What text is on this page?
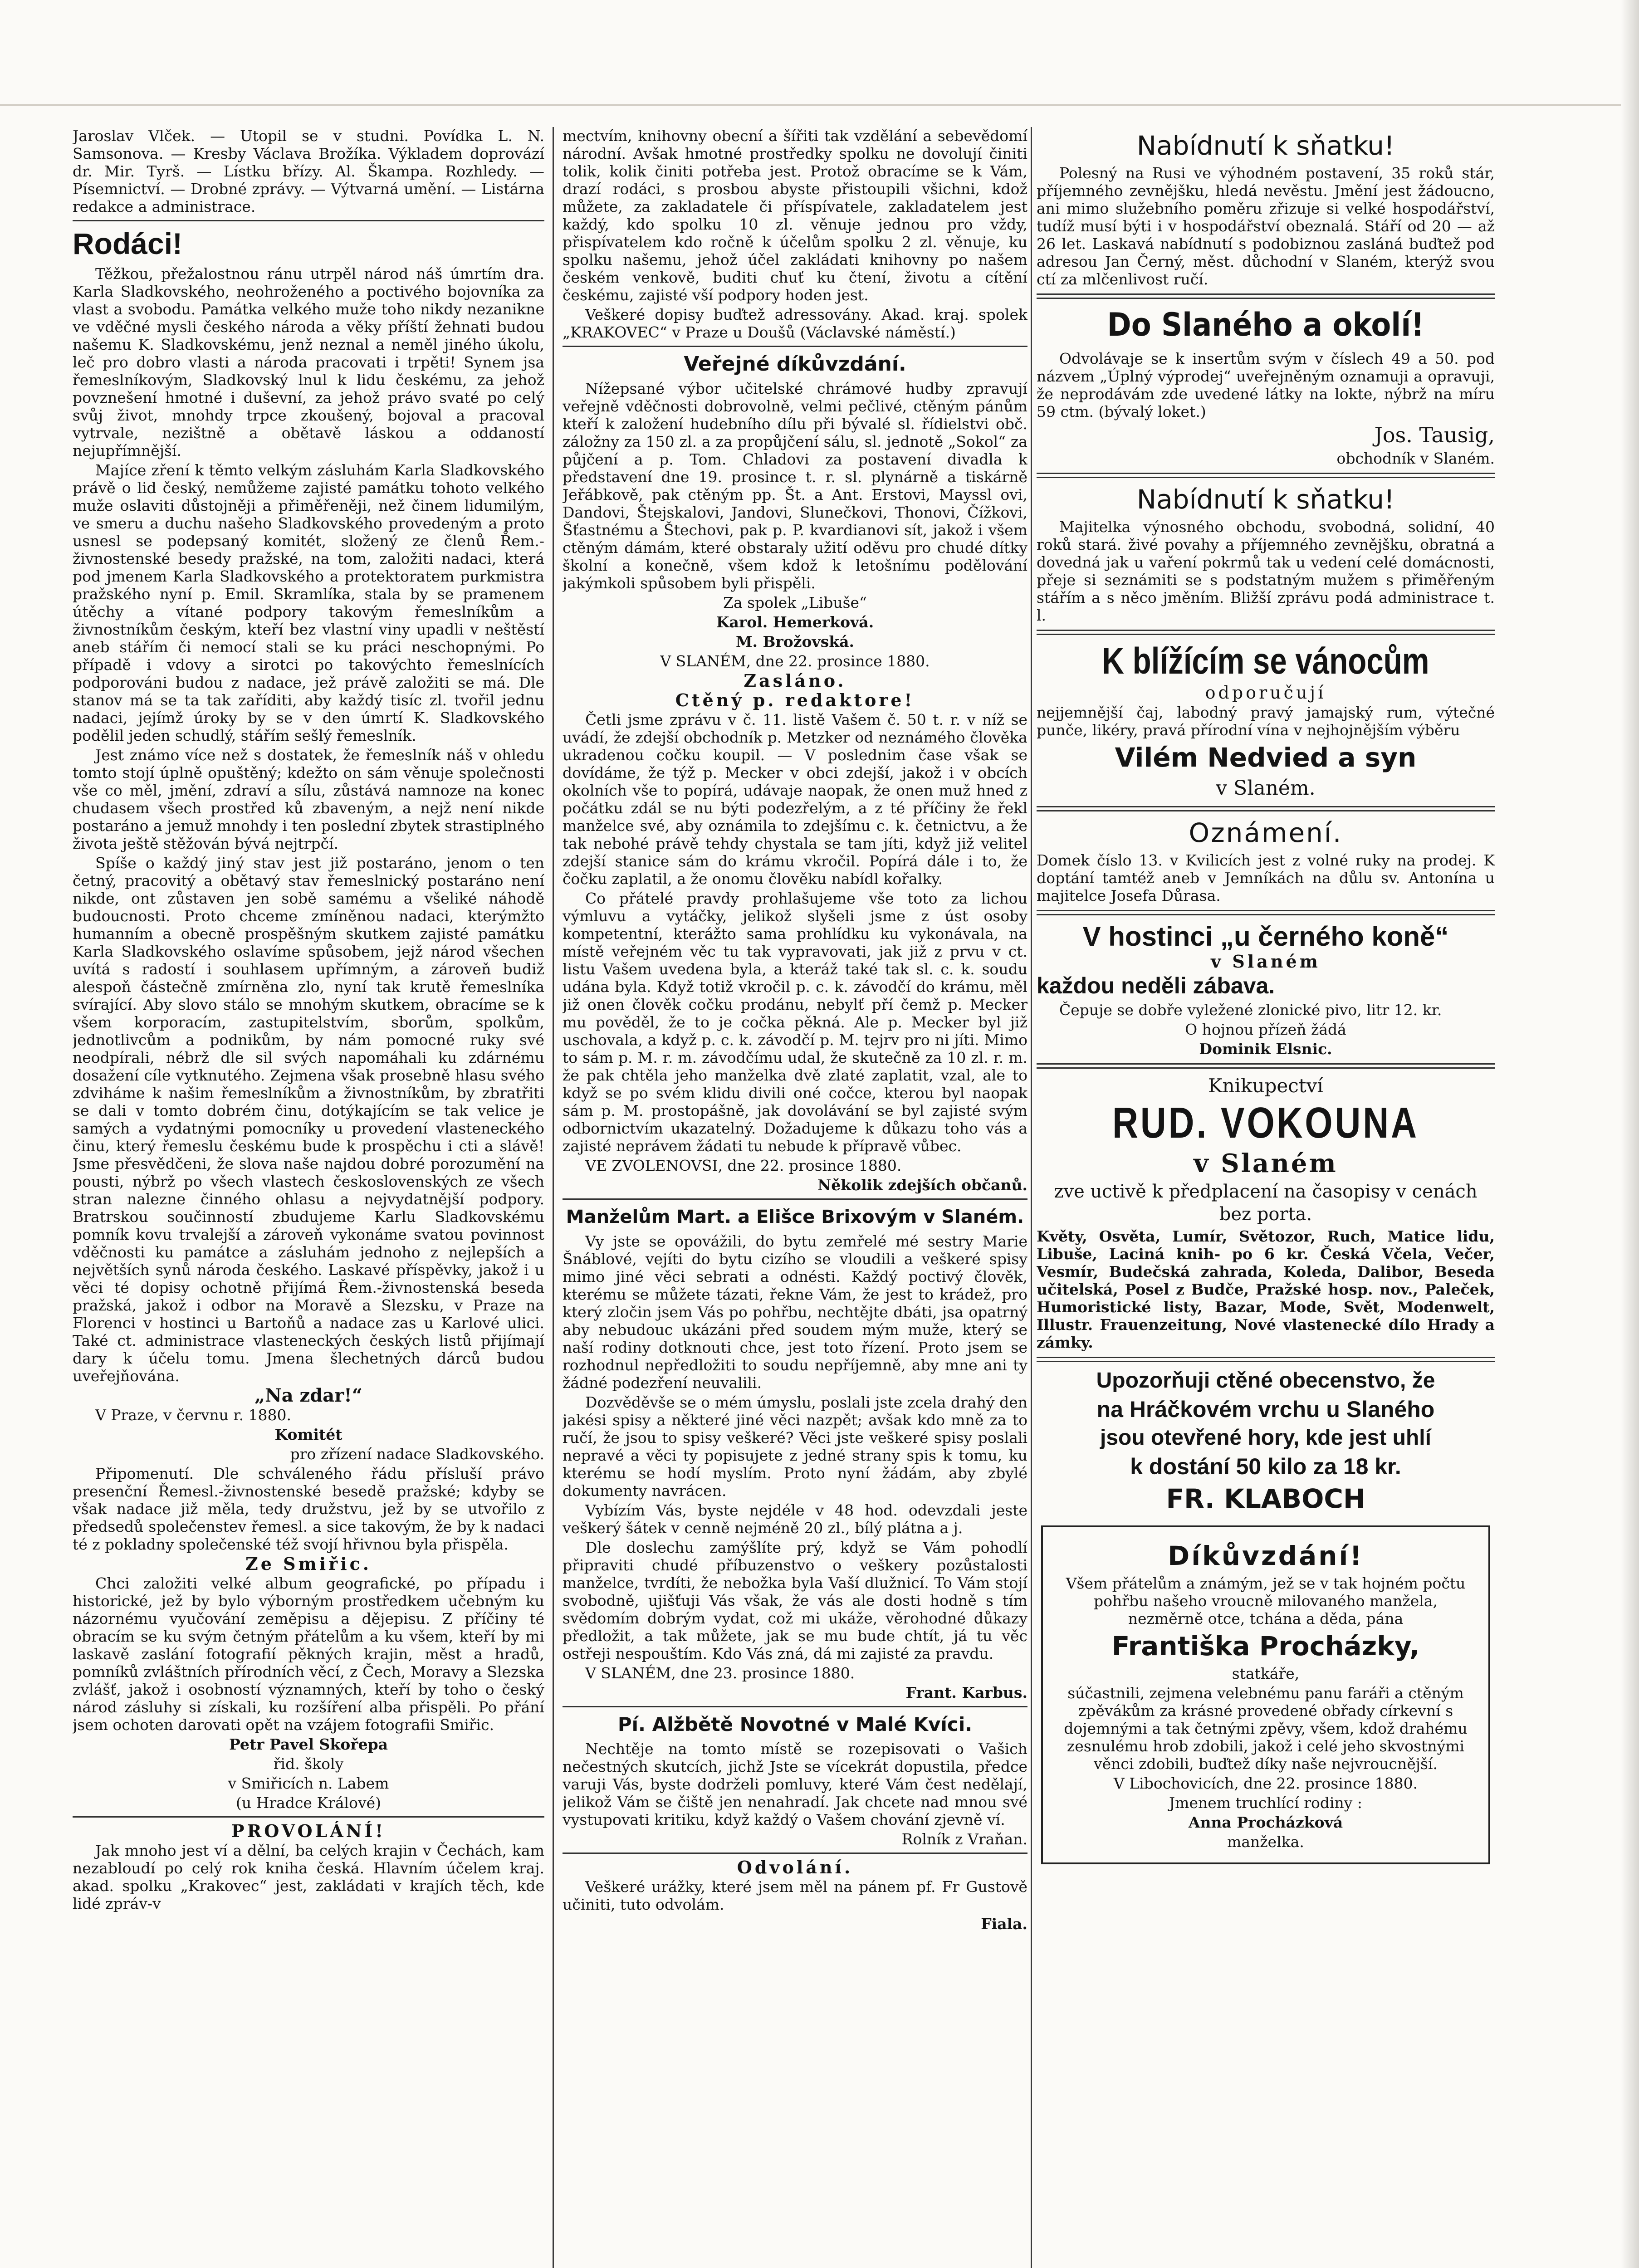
Jaroslav Vlček. — Utopil se v studni. Povídka L. N. Samsonova. — Kresby Václava Brožíka. Výkladem doprovází dr. Mir. Tyrš. — Lístku břízy. Al. Škampa. Rozhledy. — Písemnictví. — Drobné zprávy. — Výtvarná umění. — Listárna redakce a administrace.

Rodáci!

Těžkou, přežalostnou ránu utrpěl národ náš úmrtím dra. Karla Sladkovského, neohroženého a poctivého bojovníka za vlast a svobodu. Památka velkého muže toho nikdy nezanikne ve vděčné mysli českého národa a věky příští žehnati budou našemu K. Sladkovskému, jenž neznal a neměl jiného úkolu, leč pro dobro vlasti a národa pracovati i trpěti! Synem jsa řemeslníkovým, Sladkovský lnul k lidu českému, za jehož povznešení hmotné i duševní, za jehož právo svaté po celý svůj život, mnohdy trpce zkoušený, bojoval a pracoval vytrvale, nezištně a obětavě láskou a oddaností nejupřímnější.

Majíce zření k těmto velkým zásluhám Karla Sladkovského právě o lid český, nemůžeme zajisté památku tohoto velkého muže oslaviti důstojněji a přiměřeněji, než činem lidumilým, ve smeru a duchu našeho Sladkovského provedeným a proto usnesl se podepsaný komitét, složený ze členů Řem.-živnostenské besedy pražské, na tom, založiti nadaci, která pod jmenem Karla Sladkovského a protektoratem purkmistra pražského nyní p. Emil. Skramlíka, stala by se pramenem útěchy a vítané podpory takovým řemeslníkům a živnostníkům českým, kteří bez vlastní viny upadli v neštěstí aneb stářím či nemocí stali se ku práci neschopnými. Po případě i vdovy a sirotci po takovýchto řemeslnících podporováni budou z nadace, jež právě založiti se má. Dle stanov má se ta tak zaříditi, aby každý tisíc zl. tvořil jednu nadaci, jejímž úroky by se v den úmrtí K. Sladkovského podělil jeden schudlý, stářím sešlý řemeslník.

Jest známo více než s dostatek, že řemeslník náš v ohledu tomto stojí úplně opuštěný; kdežto on sám věnuje společnosti vše co měl, jmění, zdraví a sílu, zůstává namnoze na konec chudasem všech prostřed ků zbaveným, a nejž není nikde postaráno a jemuž mnohdy i ten poslední zbytek strastiplného života ještě stěžován bývá nejtrpčí.

Spíše o každý jiný stav jest již postaráno, jenom o ten četný, pracovitý a obětavý stav řemeslnický postaráno není nikde, ont zůstaven jen sobě samému a všeliké náhodě budoucnosti. Proto chceme zmíněnou nadaci, kterýmžto humanním a obecně prospěšným skutkem zajisté památku Karla Sladkovského oslavíme spůsobem, jejž národ všechen uvítá s radostí i souhlasem upřímným, a zároveň budiž alespoň částečně zmírněna zlo, nyní tak krutě řemeslníka svírající. Aby slovo stálo se mnohým skutkem, obracíme se k všem korporacím, zastupitelstvím, sborům, spolkům, jednotlivcům a podnikům, by nám pomocné ruky své neodpírali, nébrž dle sil svých napomáhali ku zdárnému dosažení cíle vytknutého. Zejmena však prosebně hlasu svého zdviháme k našim řemeslníkům a živnostníkům, by zbratřiti se dali v tomto dobrém činu, dotýkajícím se tak velice je samých a vydatnými pomocníky u provedení vlasteneckého činu, který řemeslu českému bude k prospěchu i cti a slávě! Jsme přesvědčeni, že slova naše najdou dobré porozumění na pousti, nýbrž po všech vlastech československých ze všech stran nalezne činného ohlasu a nejvydatnější podpory. Bratrskou součinností zbudujeme Karlu Sladkovskému pomník kovu trvalejší a zároveň vykonáme svatou povinnost vděčnosti ku památce a zásluhám jednoho z nejlepších a největších synů národa českého. Laskavé příspěvky, jakož i u věci té dopisy ochotně přijímá Řem.-živnostenská beseda pražská, jakož i odbor na Moravě a Slezsku, v Praze na Florenci v hostinci u Bartoňů a nadace zas u Karlové ulici. Také ct. administrace vlasteneckých českých listů přijímají dary k účelu tomu. Jmena šlechetných dárců budou uveřejňována.

„Na zdar!“

V Praze, v červnu r. 1880.

Komitét

pro zřízení nadace Sladkovského.

Připomenutí. Dle schváleného řádu přísluší právo presenční Řemesl.-živnostenské besedě pražské; kdyby se však nadace již měla, tedy družstvu, jež by se utvořilo z předsedů společenstev řemesl. a sice takovým, že by k nadaci té z pokladny společenské též svojí hřivnou byla přispěla.

Ze Smiřic.

Chci založiti velké album geografické, po případu i historické, jež by bylo výborným prostředkem učebným ku názornému vyučování zeměpisu a dějepisu. Z příčiny té obracím se ku svým četným přátelům a ku všem, kteří by mi laskavě zaslání fotografií pěkných krajin, měst a hradů, pomníků zvláštních přírodních věcí, z Čech, Moravy a Slezska zvlášť, jakož i osobností významných, kteří by toho o český národ zásluhy si získali, ku rozšíření alba přispěli. Po přání jsem ochoten darovati opět na vzájem fotografii Smiřic.

Petr Pavel Skořepa

řid. školy

v Smiřicích n. Labem

(u Hradce Králové)

PROVOLÁNÍ!

Jak mnoho jest ví a dělní, ba celých krajin v Čechách, kam nezabloudí po celý rok kniha česká. Hlavním účelem kraj. akad. spolku „Krakovec“ jest, zakládati v krajích těch, kde lidé zpráv-v

mectvím, knihovny obecní a šířiti tak vzdělání a sebevědomí národní. Avšak hmotné prostředky spolku ne dovolují činiti tolik, kolik činiti potřeba jest. Protož obracíme se k Vám, drazí rodáci, s prosbou abyste přistoupili všichni, kdož můžete, za zakladatele či příspívatele, zakladatelem jest každý, kdo spolku 10 zl. věnuje jednou pro vždy, přispívatelem kdo ročně k účelům spolku 2 zl. věnuje, ku spolku našemu, jehož účel zakládati knihovny po našem českém venkově, buditi chuť ku čtení, životu a cítění českému, zajisté vší podpory hoden jest.

Veškeré dopisy buďtež adressovány. Akad. kraj. spolek „KRAKOVEC“ v Praze u Doušů (Václavské náměstí.)

Veřejné díkůvzdání.

Nížepsané výbor učitelské chrámové hudby zpravují veřejně vděčnosti dobrovolně, velmi pečlivé, ctěným pánům kteří k založení hudebního dílu při bývalé sl. řídielstvi obč. záložny za 150 zl. a za propůjčení sálu, sl. jednotě „Sokol“ za půjčení a p. Tom. Chladovi za postavení divadla k představení dne 19. prosince t. r. sl. plynárně a tiskárně Jeřábkově, pak ctěným pp. Št. a Ant. Erstovi, Mayssl ovi, Dandovi, Štejskalovi, Jandovi, Slunečkovi, Thonovi, Čížkovi, Šťastnému a Štechovi, pak p. P. kvardianovi sít, jakož i všem ctěným dámám, které obstaraly užití oděvu pro chudé dítky školní a konečně, všem kdož k letošnímu podělování jakýmkoli spůsobem byli přispěli.

Za spolek „Libuše“

Karol. Hemerková.

M. Brožovská.

V SLANÉM, dne 22. prosince 1880.

Zasláno.

Ctěný p. redaktore!

Četli jsme zprávu v č. 11. listě Vašem č. 50 t. r. v níž se uvádí, že zdejší obchodník p. Metzker od neznámého člověka ukradenou cočku koupil. — V poslednim čase však se dovídáme, že týž p. Mecker v obci zdejší, jakož i v obcích okolních vše to popírá, udávaje naopak, že onen muž hned z počátku zdál se nu býti podezřelým, a z té příčiny že řekl manželce své, aby oznámila to zdejšímu c. k. četnictvu, a že tak nebohé právě tehdy chystala se tam jíti, když již velitel zdejší stanice sám do krámu vkročil. Popírá dále i to, že čočku zaplatil, a že onomu člověku nabídl kořalky.

Co přátelé pravdy prohlašujeme vše toto za lichou výmluvu a vytáčky, jelikož slyšeli jsme z úst osoby kompetentní, kterážto sama prohlídku ku vykonávala, na místě veřejném věc tu tak vypravovati, jak již z prvu v ct. listu Vašem uvedena byla, a kteráž také tak sl. c. k. soudu udána byla. Když totiž vkročil p. c. k. závodčí do krámu, měl již onen člověk cočku prodánu, nebylť pří čemž p. Mecker mu pověděl, že to je cočka pěkná. Ale p. Mecker byl již uschovala, a když p. c. k. závodčí p. M. tejrv pro ni jíti. Mimo to sám p. M. r. m. závodčímu udal, že skutečně za 10 zl. r. m. že pak chtěla jeho manželka dvě zlaté zaplatit, vzal, ale to když se po svém klidu divili oné cočce, kterou byl naopak sám p. M. prostopášně, jak dovolávání se byl zajisté svým odbornictvím ukazatelný. Dožadujeme k důkazu toho vás a zajisté neprávem žádati tu nebude k přípravě vůbec.

VE ZVOLENOVSI, dne 22. prosince 1880.

Několik zdejších občanů.

Manželům Mart. a Elišce Brixovým v Slaném.

Vy jste se opovážili, do bytu zemřelé mé sestry Marie Šnáblové, vejíti do bytu cizího se vloudili a veškeré spisy mimo jiné věci sebrati a odnésti. Každý poctivý člověk, kterému se můžete tázati, řekne Vám, že jest to krádež, pro který zločin jsem Vás po pohřbu, nechtějte dbáti, jsa opatrný aby nebudouc ukázáni před soudem mým muže, který se naší rodiny dotknouti chce, jest toto řízení. Proto jsem se rozhodnul nepředložiti to soudu nepříjemně, aby mne ani ty žádné podezření neuvalili.

Dozvěděvše se o mém úmyslu, poslali jste zcela drahý den jakési spisy a některé jiné věci nazpět; avšak kdo mně za to ručí, že jsou to spisy veškeré? Věci jste veškeré spisy poslali nepravé a věci ty popisujete z jedné strany spis k tomu, ku kterému se hodí myslím. Proto nyní žádám, aby zbylé dokumenty navrácen.

Vybízím Vás, byste nejdéle v 48 hod. odevzdali jeste veškerý šátek v cenně nejméně 20 zl., bílý plátna a j.

Dle doslechu zamýšlíte prý, když se Vám pohodlí připraviti chudé příbuzenstvo o veškery pozůstalosti manželce, tvrdíti, že nebožka byla Vaší dlužnicí. To Vám stojí svobodně, ujišťuji Vás však, že vás ale dosti hodně s tím svědomím dobrým vydat, což mi ukáže, věrohodné důkazy předložit, a tak můžete, jak se mu bude chtít, já tu věc ostřeji nespouštím. Kdo Vás zná, dá mi zajisté za pravdu.

V SLANÉM, dne 23. prosince 1880.

Frant. Karbus.

Pí. Alžbětě Novotné v Malé Kvíci.

Nechtěje na tomto místě se rozepisovati o Vašich nečestných skutcích, jichž Jste se vícekrát dopustila, předce varuji Vás, byste dodrželi pomluvy, které Vám čest nedělají, jelikož Vám se čiště jen nenahradí. Jak chcete nad mnou své vystupovati kritiku, když každý o Vašem chování zjevně ví.

Rolník z Vraňan.

Odvolání.

Veškeré urážky, které jsem měl na pánem pf. Fr Gustově učiniti, tuto odvolám.

Fiala.

Nabídnutí k sňatku!

Polesný na Rusi ve výhodném postavení, 35 roků stár, příjemného zevnějšku, hledá nevěstu. Jmění jest žádoucno, ani mimo služebního poměru zřizuje si velké hospodářství, tudíž musí býti i v hospodářství obeznalá. Stáří od 20 — až 26 let. Laskavá nabídnutí s podobiznou zasláná buďtež pod adresou Jan Černý, měst. důchodní v Slaném, kterýž svou ctí za mlčenlivost ručí.

Do Slaného a okolí!

Odvolávaje se k insertům svým v číslech 49 a 50. pod názvem „Úplný výprodej“ uveřejněným oznamuji a opravuji, že neprodávám zde uvedené látky na lokte, nýbrž na míru 59 ctm. (bývalý loket.)

Jos. Tausig,

obchodník v Slaném.

Nabídnutí k sňatku!

Majitelka výnosného obchodu, svobodná, solidní, 40 roků stará. živé povahy a příjemného zevnějšku, obratná a dovedná jak u vaření pokrmů tak u vedení celé domácnosti, přeje si seznámiti se s podstatným mužem s přiměřeným stářím a s něco jměním. Bližší zprávu podá administrace t. l.

K blížícím se vánocům

odporučují

nejjemnější čaj, labodný pravý jamajský rum, výtečné punče, likéry, pravá přírodní vína v nejhojnějším výběru

Vilém Nedvied a syn

v Slaném.

Oznámení.

Domek číslo 13. v Kvilicích jest z volné ruky na prodej. K doptání tamtéž aneb v Jemníkách na důlu sv. Antonína u majitelce Josefa Důrasa.

V hostinci „u černého koně“

v Slaném

každou neděli zábava.

Čepuje se dobře vyležené zlonické pivo, litr 12. kr.

O hojnou přízeň žádá

Dominik Elsnic.

Knikupectví

RUD. VOKOUNA

v Slaném

zve uctivě k předplacení na časopisy v cenách bez porta.

Květy, Osvěta, Lumír, Světozor, Ruch, Matice lidu, Libuše, Laciná knih- po 6 kr. Česká Včela, Večer, Vesmír, Budečská zahrada, Koleda, Dalibor, Beseda učitelská, Posel z Budče, Pražské hosp. nov., Paleček, Humoristické listy, Bazar, Mode, Svět, Modenwelt, Illustr. Frauenzeitung, Nové vlastenecké dílo Hrady a zámky.

Upozorňuji ctěné obecenstvo, že

na Hráčkovém vrchu u Slaného

jsou otevřené hory, kde jest uhlí

k dostání 50 kilo za 18 kr.

FR. KLABOCH

Díkůvzdání!

Všem přátelům a známým, jež se v tak hojném počtu pohřbu našeho vroucně milovaného manžela, nezměrně otce, tchána a děda, pána

Františka Procházky,

statkáře,

súčastnili, zejmena velebnému panu faráři a ctěným zpěvákům za krásné provedené obřady církevní s dojemnými a tak četnými zpěvy, všem, kdož drahému zesnulému hrob zdobili, jakož i celé jeho skvostnými věnci zdobili, buďtež díky naše nejvroucnější.

V Libochovicích, dne 22. prosince 1880.

Jmenem truchlící rodiny :

Anna Procházková

manželka.
